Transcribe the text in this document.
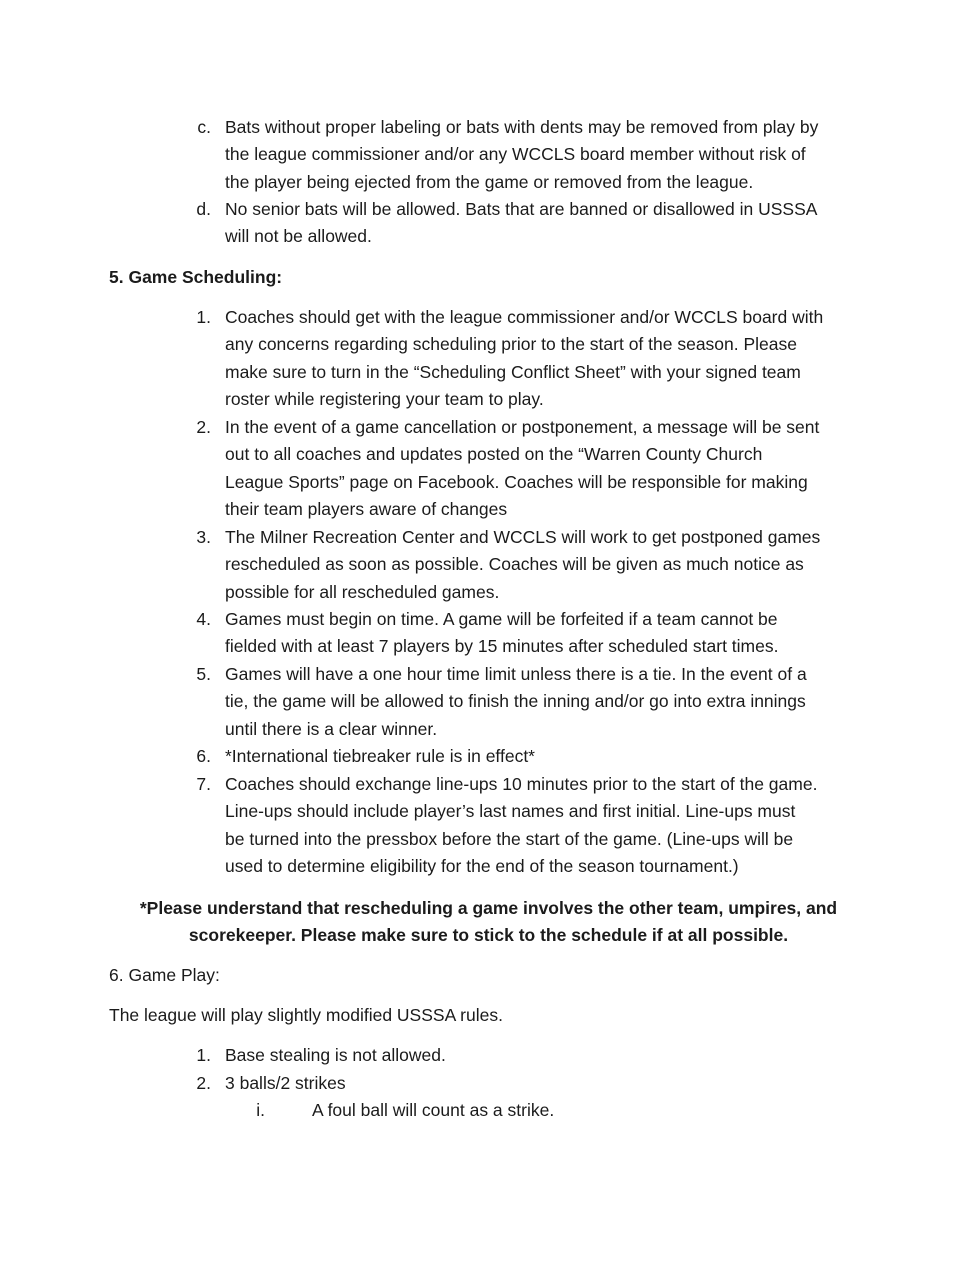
c. Bats without proper labeling or bats with dents may be removed from play by
the league commissioner and/or any WCCLS board member without risk of
the player being ejected from the game or removed from the league.
d. No senior bats will be allowed. Bats that are banned or disallowed in USSSA
will not be allowed.
5. Game Scheduling:
1. Coaches should get with the league commissioner and/or WCCLS board with
any concerns regarding scheduling prior to the start of the season. Please
make sure to turn in the “Scheduling Conflict Sheet” with your signed team
roster while registering your team to play.
2. In the event of a game cancellation or postponement, a message will be sent
out to all coaches and updates posted on the “Warren County Church
League Sports” page on Facebook. Coaches will be responsible for making
their team players aware of changes
3. The Milner Recreation Center and WCCLS will work to get postponed games
rescheduled as soon as possible. Coaches will be given as much notice as
possible for all rescheduled games.
4. Games must begin on time. A game will be forfeited if a team cannot be
fielded with at least 7 players by 15 minutes after scheduled start times.
5. Games will have a one hour time limit unless there is a tie. In the event of a
tie, the game will be allowed to finish the inning and/or go into extra innings
until there is a clear winner.
6. *International tiebreaker rule is in effect*
7. Coaches should exchange line-ups 10 minutes prior to the start of the game.
Line-ups should include player’s last names and first initial. Line-ups must
be turned into the pressbox before the start of the game. (Line-ups will be
used to determine eligibility for the end of the season tournament.)
*Please understand that rescheduling a game involves the other team, umpires, and
scorekeeper. Please make sure to stick to the schedule if at all possible.
6. Game Play:
The league will play slightly modified USSSA rules.
1. Base stealing is not allowed.
2. 3 balls/2 strikes
i.	A foul ball will count as a strike.
